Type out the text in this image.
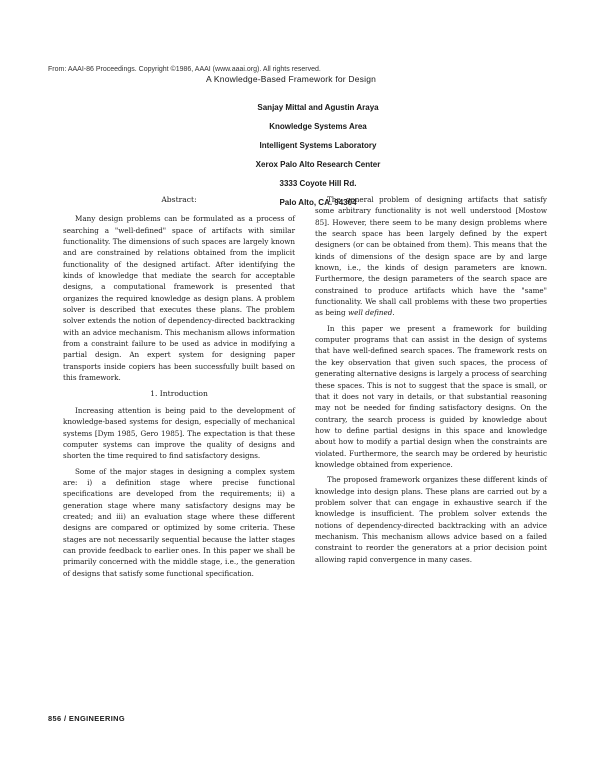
From: AAAI-86 Proceedings. Copyright ©1986, AAAI (www.aaai.org). All rights reserved.
A Knowledge-Based Framework for Design
Sanjay Mittal and Agustin Araya
Knowledge Systems Area
Intelligent Systems Laboratory
Xerox Palo Alto Research Center
3333 Coyote Hill Rd.
Palo Alto, CA. 94304
Abstract:

Many design problems can be formulated as a process of searching a "well-defined" space of artifacts with similar functionality. The dimensions of such spaces are largely known and are constrained by relations obtained from the implicit functionality of the designed artifact. After identifying the kinds of knowledge that mediate the search for acceptable designs, a computational framework is presented that organizes the required knowledge as design plans. A problem solver is described that executes these plans. The problem solver extends the notion of dependency-directed backtracking with an advice mechanism. This mechanism allows information from a constraint failure to be used as advice in modifying a partial design. An expert system for designing paper transports inside copiers has been successfully built based on this framework.

1. Introduction

Increasing attention is being paid to the development of knowledge-based systems for design, especially of mechanical systems [Dym 1985, Gero 1985]. The expectation is that these computer systems can improve the quality of designs and shorten the time required to find satisfactory designs.

Some of the major stages in designing a complex system are: i) a definition stage where precise functional specifications are developed from the requirements; ii) a generation stage where many satisfactory designs may be created; and iii) an evaluation stage where these different designs are compared or optimized by some criteria. These stages are not necessarily sequential because the latter stages can provide feedback to earlier ones. In this paper we shall be primarily concerned with the middle stage, i.e., the generation of designs that satisfy some functional specification.

The general problem of designing artifacts that satisfy some arbitrary functionality is not well understood [Mostow 85]. However, there seem to be many design problems where the search space has been largely defined by the expert designers (or can be obtained from them). This means that the kinds of dimensions of the design space are by and large known, i.e., the kinds of design parameters are known. Furthermore, the design parameters of the search space are constrained to produce artifacts which have the "same" functionality. We shall call problems with these two properties as being well defined.

In this paper we present a framework for building computer programs that can assist in the design of systems that have well-defined search spaces. The framework rests on the key observation that given such spaces, the process of generating alternative designs is largely a process of searching these spaces. This is not to suggest that the space is small, or that it does not vary in details, or that substantial reasoning may not be needed for finding satisfactory designs. On the contrary, the search process is guided by knowledge about how to define partial designs in this space and knowledge about how to modify a partial design when the constraints are violated. Furthermore, the search may be ordered by heuristic knowledge obtained from experience.

The proposed framework organizes these different kinds of knowledge into design plans. These plans are carried out by a problem solver that can engage in exhaustive search if the knowledge is insufficient. The problem solver extends the notions of dependency-directed backtracking with an advice mechanism. This mechanism allows advice based on a failed constraint to reorder the generators at a prior decision point allowing rapid convergence in many cases.

856 / ENGINEERING
